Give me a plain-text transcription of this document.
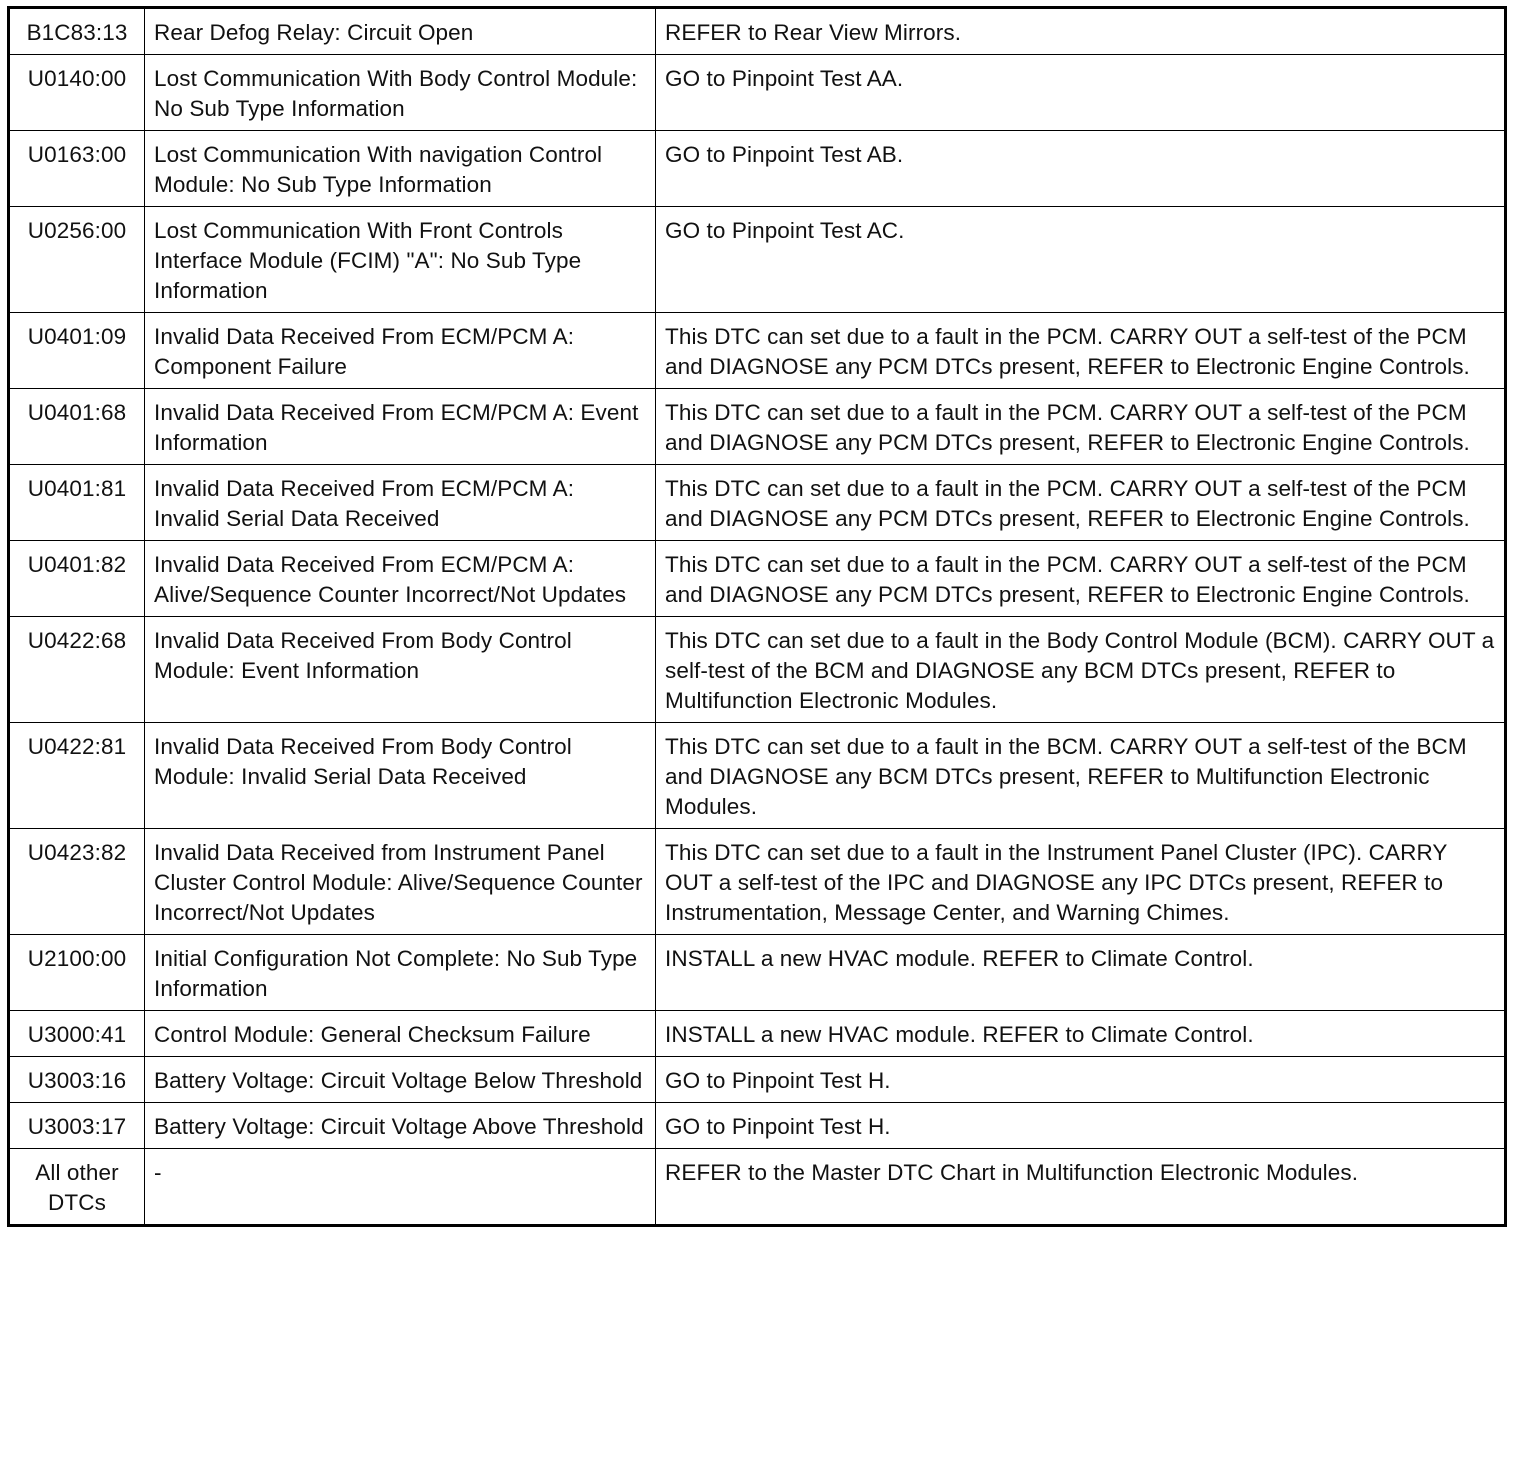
B1C83:13	Rear Defog Relay: Circuit Open	REFER to Rear View Mirrors.
U0140:00	Lost Communication With Body Control Module: No Sub Type Information	GO to Pinpoint Test AA.
U0163:00	Lost Communication With navigation Control Module: No Sub Type Information	GO to Pinpoint Test AB.
U0256:00	Lost Communication With Front Controls Interface Module (FCIM) "A": No Sub Type Information	GO to Pinpoint Test AC.
U0401:09	Invalid Data Received From ECM/PCM A: Component Failure	This DTC can set due to a fault in the PCM. CARRY OUT a self-test of the PCM and DIAGNOSE any PCM DTCs present, REFER to Electronic Engine Controls.
U0401:68	Invalid Data Received From ECM/PCM A: Event Information	This DTC can set due to a fault in the PCM. CARRY OUT a self-test of the PCM and DIAGNOSE any PCM DTCs present, REFER to Electronic Engine Controls.
U0401:81	Invalid Data Received From ECM/PCM A: Invalid Serial Data Received	This DTC can set due to a fault in the PCM. CARRY OUT a self-test of the PCM and DIAGNOSE any PCM DTCs present, REFER to Electronic Engine Controls.
U0401:82	Invalid Data Received From ECM/PCM A: Alive/Sequence Counter Incorrect/Not Updates	This DTC can set due to a fault in the PCM. CARRY OUT a self-test of the PCM and DIAGNOSE any PCM DTCs present, REFER to Electronic Engine Controls.
U0422:68	Invalid Data Received From Body Control Module: Event Information	This DTC can set due to a fault in the Body Control Module (BCM). CARRY OUT a self-test of the BCM and DIAGNOSE any BCM DTCs present, REFER to Multifunction Electronic Modules.
U0422:81	Invalid Data Received From Body Control Module: Invalid Serial Data Received	This DTC can set due to a fault in the BCM. CARRY OUT a self-test of the BCM and DIAGNOSE any BCM DTCs present, REFER to Multifunction Electronic Modules.
U0423:82	Invalid Data Received from Instrument Panel Cluster Control Module: Alive/Sequence Counter Incorrect/Not Updates	This DTC can set due to a fault in the Instrument Panel Cluster (IPC). CARRY OUT a self-test of the IPC and DIAGNOSE any IPC DTCs present, REFER to Instrumentation, Message Center, and Warning Chimes.
U2100:00	Initial Configuration Not Complete: No Sub Type Information	INSTALL a new HVAC module. REFER to Climate Control.
U3000:41	Control Module: General Checksum Failure	INSTALL a new HVAC module. REFER to Climate Control.
U3003:16	Battery Voltage: Circuit Voltage Below Threshold	GO to Pinpoint Test H.
U3003:17	Battery Voltage: Circuit Voltage Above Threshold	GO to Pinpoint Test H.
All other DTCs	-	REFER to the Master DTC Chart in Multifunction Electronic Modules.
